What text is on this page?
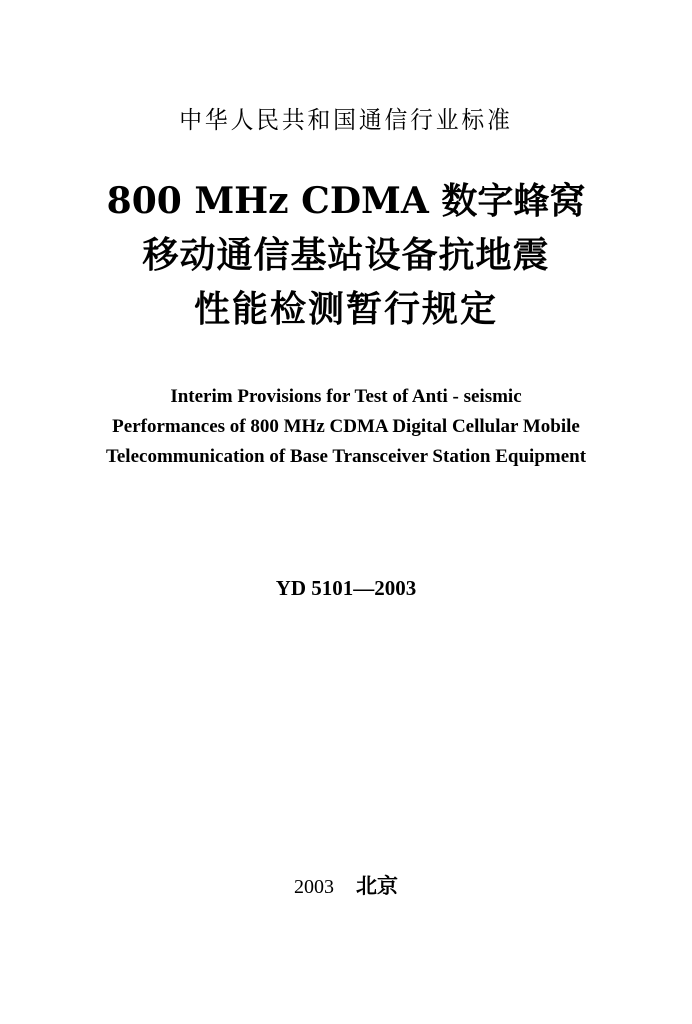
中华人民共和国通信行业标准
800 MHz CDMA 数字蜂窝
移动通信基站设备抗地震
性能检测暂行规定
Interim Provisions for Test of Anti - seismic
Performances of 800 MHz CDMA Digital Cellular Mobile
Telecommunication of Base Transceiver Station Equipment
YD 5101—2003
2003 北京
